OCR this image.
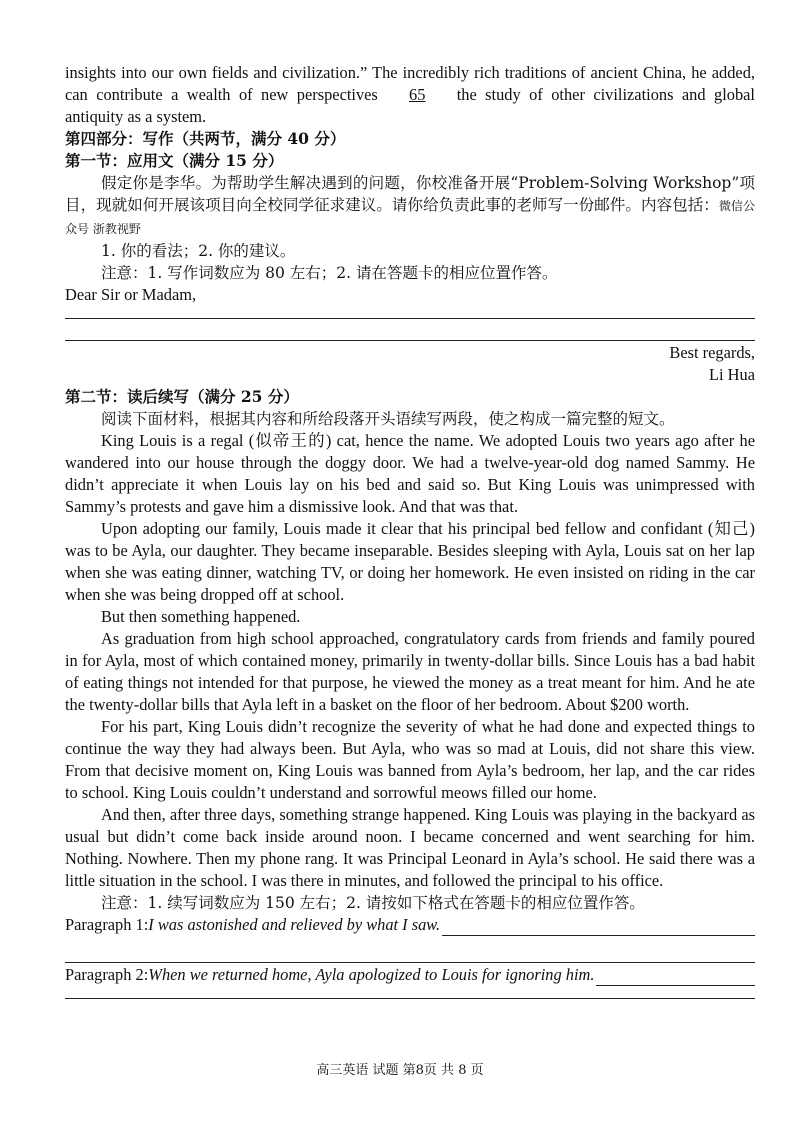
insights into our own fields and civilization.” The incredibly rich traditions of ancient China, he added, can contribute a wealth of new perspectives 65 the study of other civilizations and global antiquity as a system.

第四部分：写作（共两节，满分 40 分）

第一节：应用文（满分 15 分）

假定你是李华。为帮助学生解决遇到的问题，你校准备开展“Problem-Solving Workshop”项目，现就如何开展该项目向全校同学征求建议。请你给负责此事的老师写一份邮件。内容包括：微信公众号 浙教视野

1. 你的看法；2. 你的建议。

注意：1. 写作词数应为 80 左右；2. 请在答题卡的相应位置作答。

Dear Sir or Madam,

Best regards,

Li Hua

第二节：读后续写（满分 25 分）

阅读下面材料，根据其内容和所给段落开头语续写两段，使之构成一篇完整的短文。

King Louis is a regal (似帝王的) cat, hence the name. We adopted Louis two years ago after he wandered into our house through the doggy door. We had a twelve-year-old dog named Sammy. He didn’t appreciate it when Louis lay on his bed and said so. But King Louis was unimpressed with Sammy’s protests and gave him a dismissive look. And that was that.

Upon adopting our family, Louis made it clear that his principal bed fellow and confidant (知己) was to be Ayla, our daughter. They became inseparable. Besides sleeping with Ayla, Louis sat on her lap when she was eating dinner, watching TV, or doing her homework. He even insisted on riding in the car when she was being dropped off at school.

But then something happened.

As graduation from high school approached, congratulatory cards from friends and family poured in for Ayla, most of which contained money, primarily in twenty-dollar bills. Since Louis has a bad habit of eating things not intended for that purpose, he viewed the money as a treat meant for him. And he ate the twenty-dollar bills that Ayla left in a basket on the floor of her bedroom. About $200 worth.

For his part, King Louis didn’t recognize the severity of what he had done and expected things to continue the way they had always been. But Ayla, who was so mad at Louis, did not share this view. From that decisive moment on, King Louis was banned from Ayla’s bedroom, her lap, and the car rides to school. King Louis couldn’t understand and sorrowful meows filled our home.

And then, after three days, something strange happened. King Louis was playing in the backyard as usual but didn’t come back inside around noon. I became concerned and went searching for him. Nothing. Nowhere. Then my phone rang. It was Principal Leonard in Ayla’s school. He said there was a little situation in the school. I was there in minutes, and followed the principal to his office.

注意：1. 续写词数应为 150 左右；2. 请按如下格式在答题卡的相应位置作答。

Paragraph 1: I was astonished and relieved by what I saw.

Paragraph 2: When we returned home, Ayla apologized to Louis for ignoring him.

高三英语 试题 第8页 共 8 页
